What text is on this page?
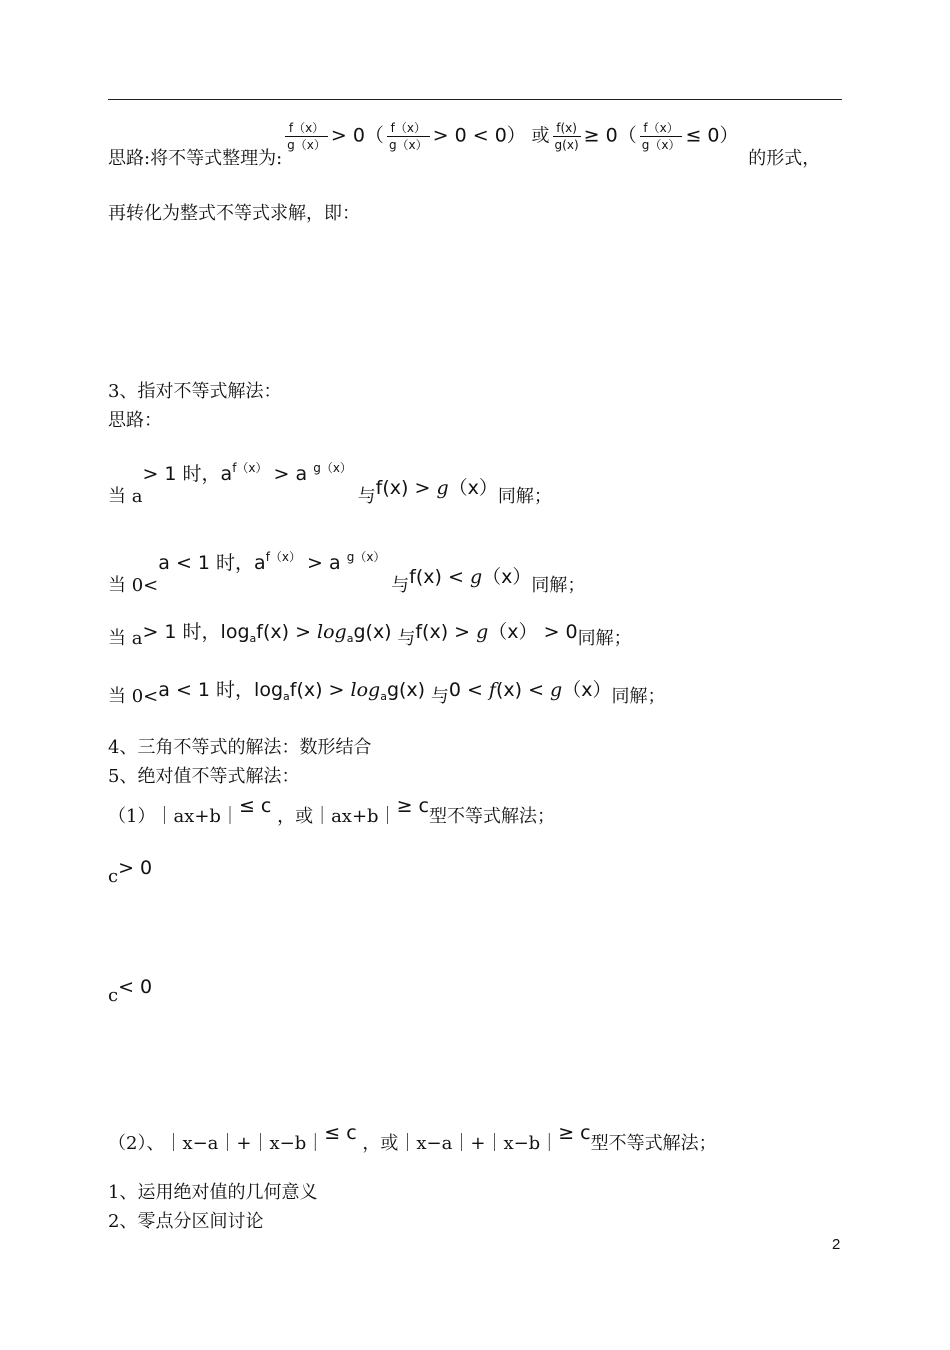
思路:将不等式整理为:
$\frac{f(x)}{g(x)} > 0( \frac{f(x)}{g(x)} > 0 < 0)$ 或 $\frac{f(x)}{g(x)} \ge 0( \frac{f(x)}{g(x)} \le 0)$ 的形式，
再转化为整式不等式求解，即：
3、指对不等式解法：
思路：
当 a> 1 时，$a^{f(x)} > a$ $^{g(x)}$ 与f(x) > g（x）同解；
当 0<a < 1 时，$a^{f(x)} > a$ $^{g(x)}$ 与f(x) < g（x）同解；
当 a> 1 时，$\log_af(x) > \log_ag(x)$ 与f(x) > g（x） > 0同解；
当 0<a < 1 时，$\log_af(x) > \log_ag(x)$ 与0 < f(x) < g（x）同解；
4、三角不等式的解法：数形结合
5、绝对值不等式解法：
（1）｜ax+b｜≤ c ，或｜ax+b｜≥ c型不等式解法；
c> 0
c< 0
（2）、｜x−a｜+｜x−b｜≤ c ，或｜x−a｜+｜x−b｜≥ c型不等式解法；
1、运用绝对值的几何意义
2、零点分区间讨论
2
